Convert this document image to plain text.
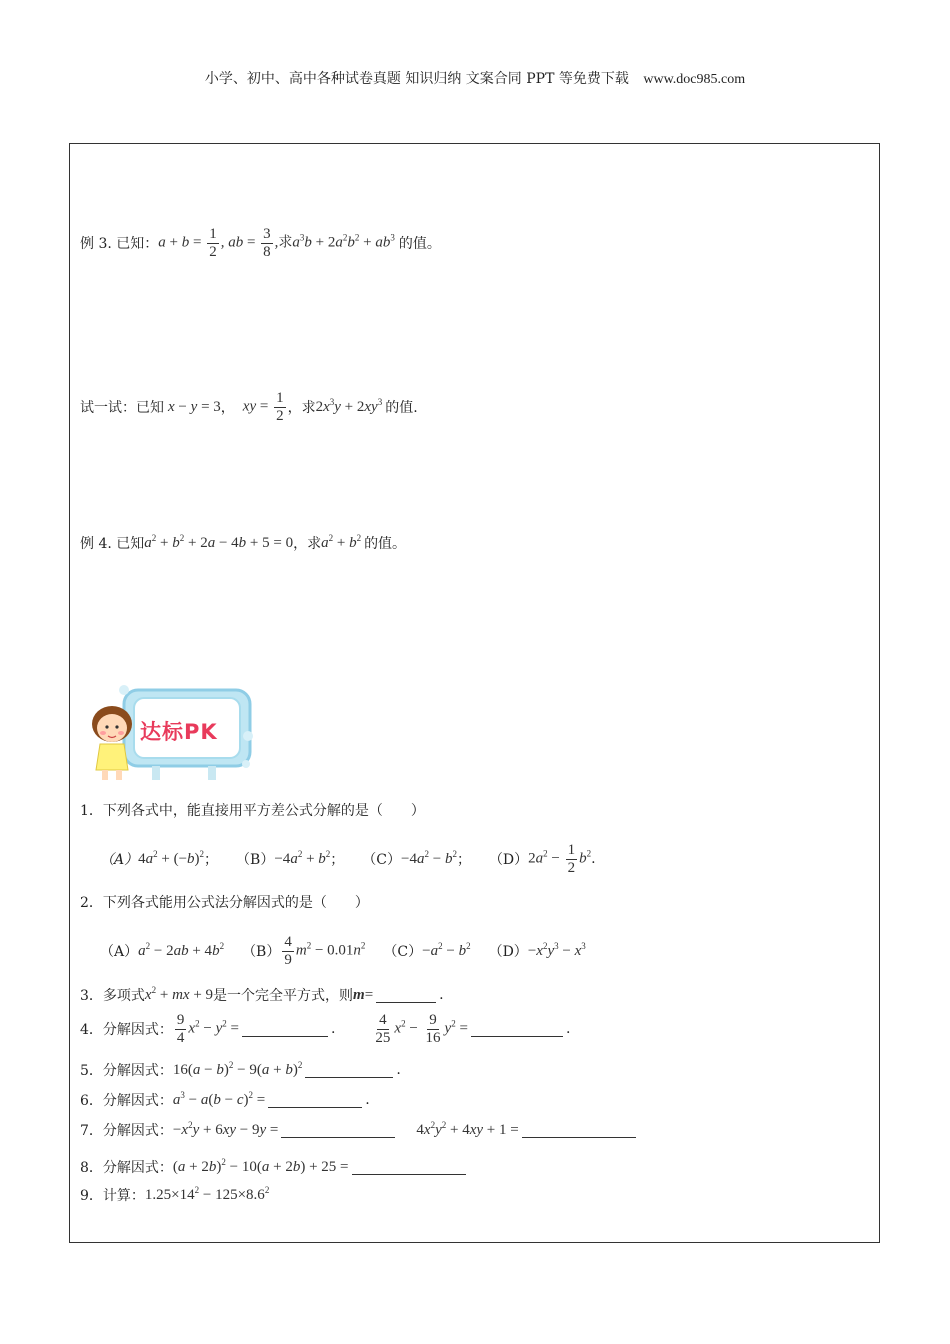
小学、初中、高中各种试卷真题 知识归纳 文案合同 PPT 等免费下载 www.doc985.com
例 3. 已知： $a + b = \frac{1}{2}$ , ab = $\frac{3}{8}$ ,求$a^3b + 2a^2b^2 + ab^3$ 的值。
试一试：已知 x − y = 3 ， xy = $\frac{1}{2}$ ，求 $2x^3y + 2xy^3$ 的值.
例 4. 已知 $a^2 + b^2 + 2a - 4b + 5 = 0$ ，求 $a^2 + b^2$ 的值。
达标PK
1．下列各式中，能直接用平方差公式分解的是（　　）
（A） $4a^2 + (-b)^2$ ； $(B) -4a^2 + b^2$ ； $(C) -4a^2 - b^2$ ； （D） $2a^2 - \frac{1}{2} b^2$ .
2．下列各式能用公式法分解因式的是（　　）
（A） $a^2 - 2ab + 4b^2$ $(B) \frac{4}{9} m^2 - 0.01n^2$ $(C) -a^2 - b^2$ $(D) -x^2y^3 - x^3$
3．多项式 $x^2$ + mx + 9 是一个完全平方式，则 m =	.
4．分解因式： $\frac{9}{4} x^2 - y^2$ =	.	$\frac{4}{25} x^2 - \frac{9}{16} y^2$ =	.
5．分解因式： $16(a - b)^2 - 9(a + b)^2$	.
6．分解因式： $a^3 - a(b - c)^2$ =	.
7．分解因式： $-x^2y + 6xy - 9y$ =	$4x^2y^2 + 4xy + 1$ =
8．分解因式： $(a + 2b)^2 - 10(a + 2b) + 25$ =
9．计算： $1.25\times 14^2 - 125\times 8.6^2$
